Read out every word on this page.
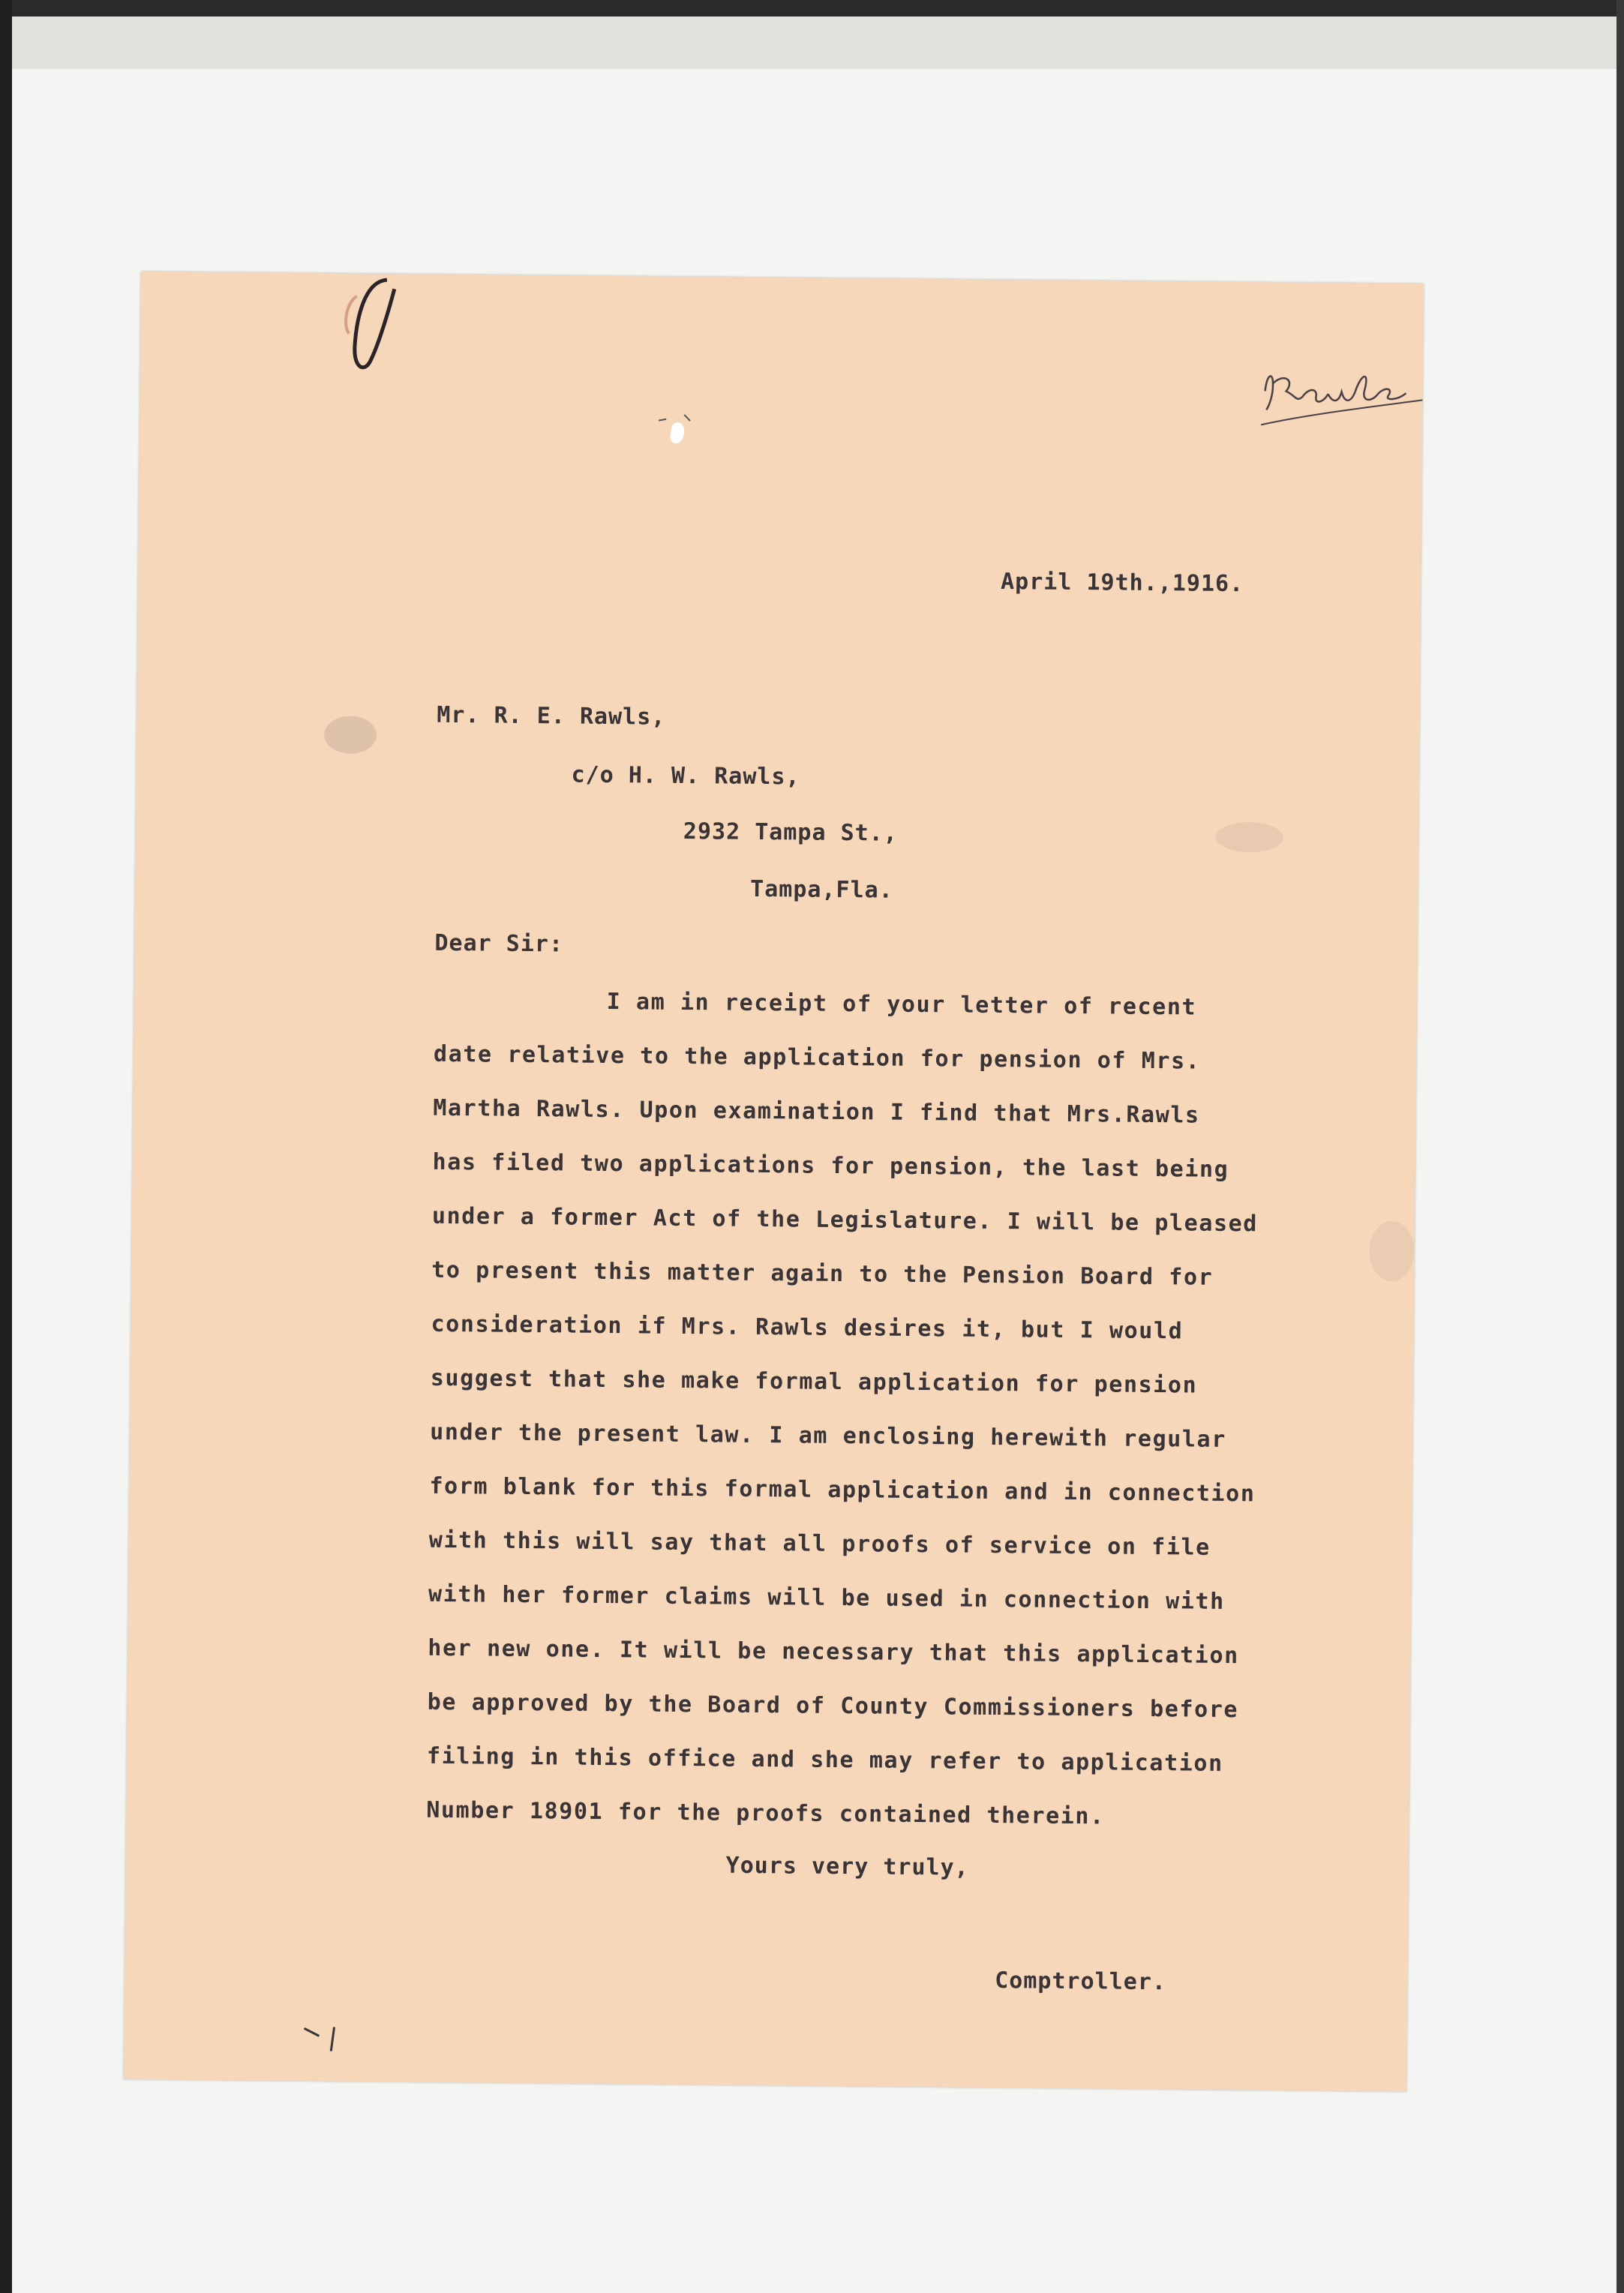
April 19th.,1916.
Mr. R. E. Rawls,
c/o H. W. Rawls,
2932 Tampa St.,
Tampa,Fla.
Dear Sir:
I am in receipt of your letter of recent
date relative to the application for pension of Mrs.
Martha Rawls. Upon examination I find that Mrs.Rawls
has filed two applications for pension, the last being
under a former Act of the Legislature. I will be pleased
to present this matter again to the Pension Board for
consideration if Mrs. Rawls desires it, but I would
suggest that she make formal application for pension
under the present law. I am enclosing herewith regular
form blank for this formal application and in connection
with this will say that all proofs of service on file
with her former claims will be used in connection with
her new one. It will be necessary that this application
be approved by the Board of County Commissioners before
filing in this office and she may refer to application
Number 18901 for the proofs contained therein.
Yours very truly,
Comptroller.
